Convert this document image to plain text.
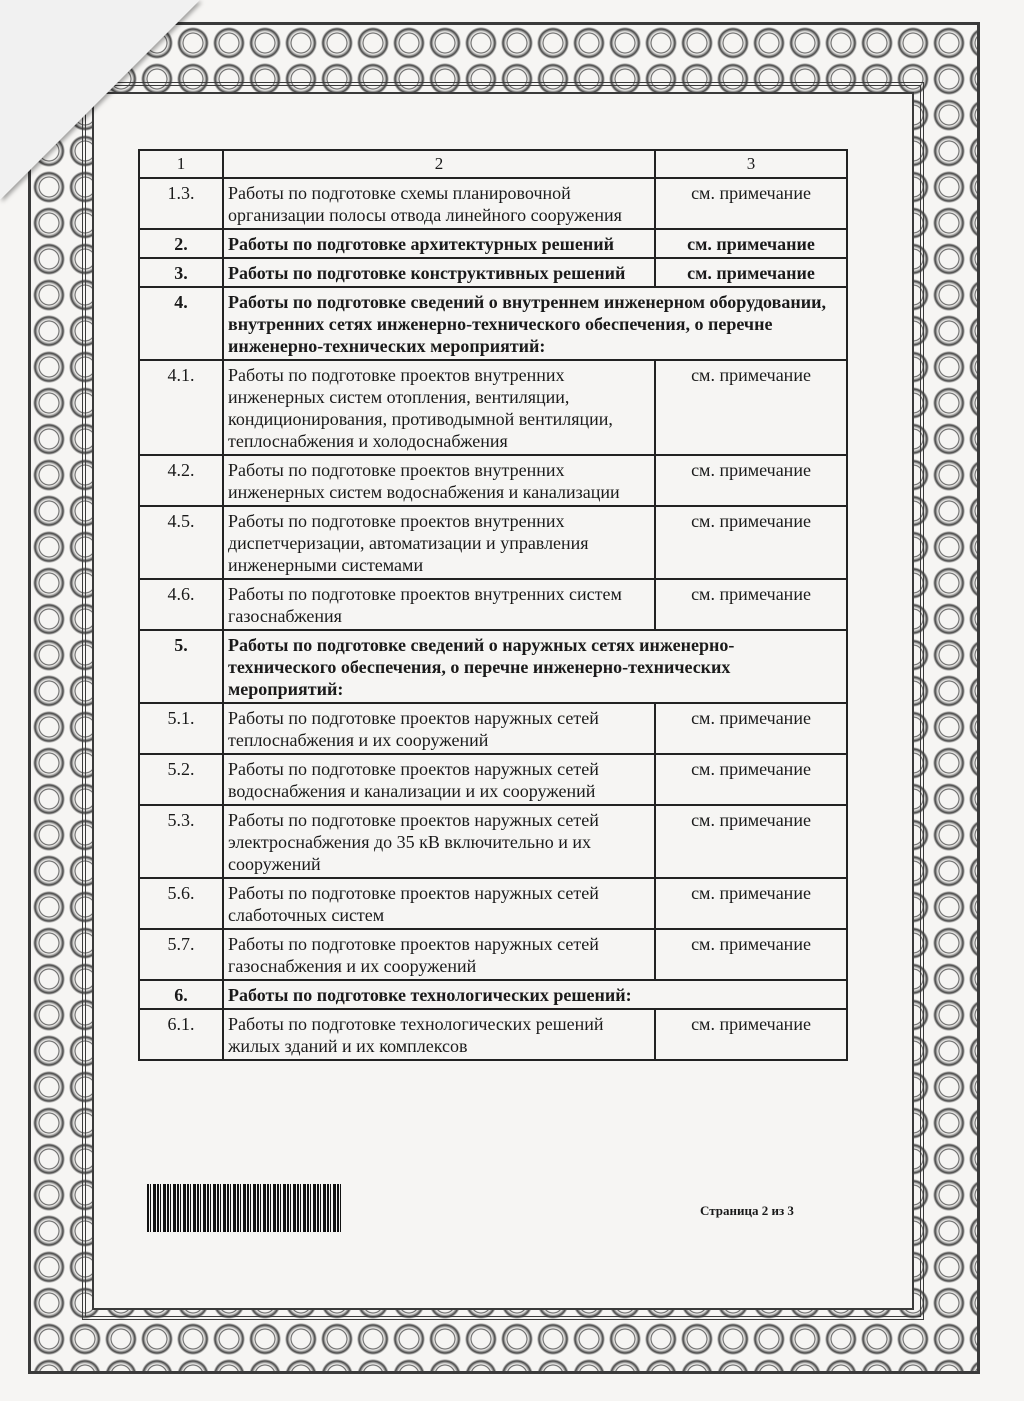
1	2	3
1.3.	Работы по подготовке схемы планировочной организации полосы отвода линейного сооружения	см. примечание
2.	Работы по подготовке архитектурных решений	см. примечание
3.	Работы по подготовке конструктивных решений	см. примечание
4.	Работы по подготовке сведений о внутреннем инженерном оборудовании, внутренних сетях инженерно-технического обеспечения, о перечне инженерно-технических мероприятий:	
4.1.	Работы по подготовке проектов внутренних инженерных систем отопления, вентиляции, кондиционирования, противодымной вентиляции, теплоснабжения и холодоснабжения	см. примечание
4.2.	Работы по подготовке проектов внутренних инженерных систем водоснабжения и канализации	см. примечание
4.5.	Работы по подготовке проектов внутренних диспетчеризации, автоматизации и управления инженерными системами	см. примечание
4.6.	Работы по подготовке проектов внутренних систем газоснабжения	см. примечание
5.	Работы по подготовке сведений о наружных сетях инженерно-технического обеспечения, о перечне инженерно-технических мероприятий:	
5.1.	Работы по подготовке проектов наружных сетей теплоснабжения и их сооружений	см. примечание
5.2.	Работы по подготовке проектов наружных сетей водоснабжения и канализации и их сооружений	см. примечание
5.3.	Работы по подготовке проектов наружных сетей электроснабжения до 35 кВ включительно и их сооружений	см. примечание
5.6.	Работы по подготовке проектов наружных сетей слаботочных систем	см. примечание
5.7.	Работы по подготовке проектов наружных сетей газоснабжения и их сооружений	см. примечание
6.	Работы по подготовке технологических решений:	
6.1.	Работы по подготовке технологических решений жилых зданий и их комплексов	см. примечание
Страница 2 из 3
